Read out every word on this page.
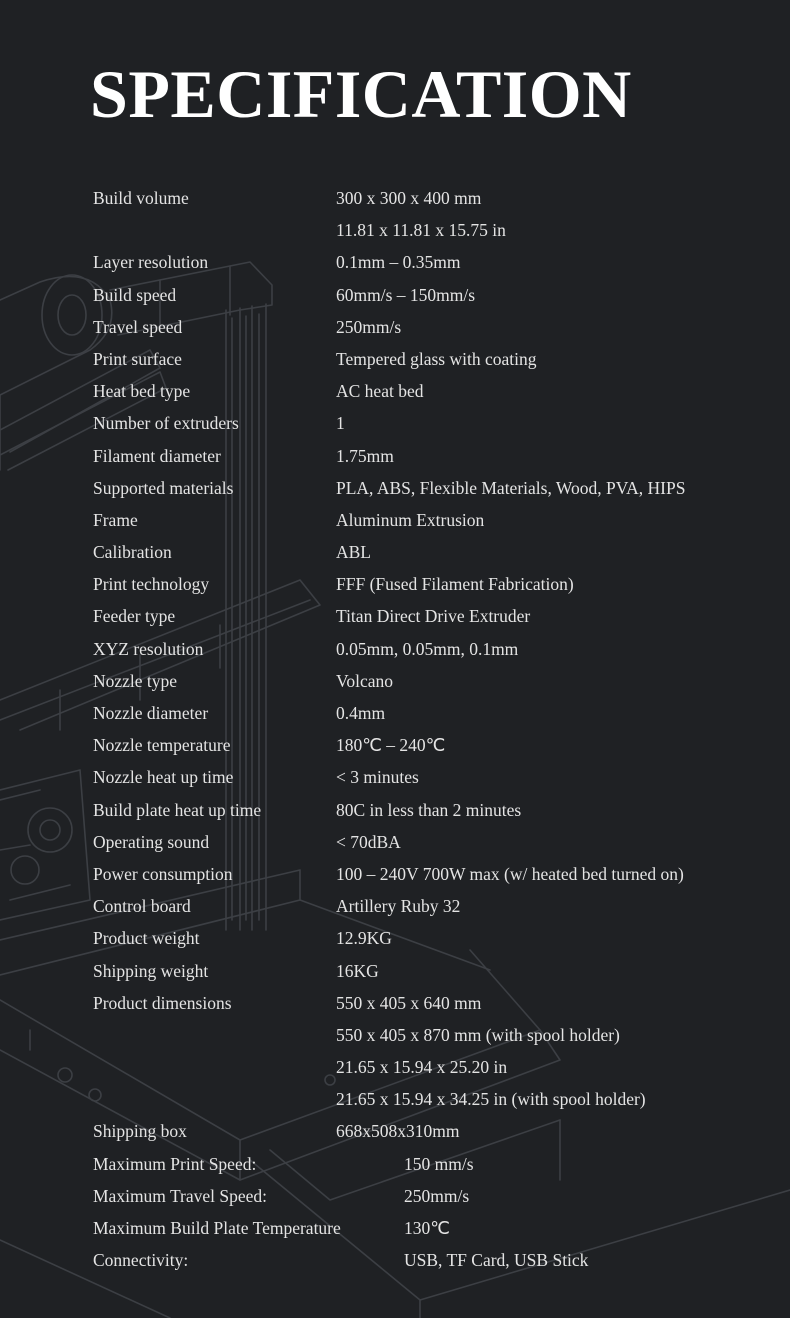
SPECIFICATION
Build volume	300 x 300 x 400 mm
11.81 x 11.81 x 15.75 in
Layer resolution	0.1mm – 0.35mm
Build speed	60mm/s – 150mm/s
Travel speed	250mm/s
Print surface	Tempered glass with coating
Heat bed type	AC heat bed
Number of extruders	1
Filament diameter	1.75mm
Supported materials	PLA, ABS, Flexible Materials, Wood, PVA, HIPS
Frame	Aluminum Extrusion
Calibration	ABL
Print technology	FFF (Fused Filament Fabrication)
Feeder type	Titan Direct Drive Extruder
XYZ resolution	0.05mm, 0.05mm, 0.1mm
Nozzle type	Volcano
Nozzle diameter	0.4mm
Nozzle temperature	180℃ – 240℃
Nozzle heat up time	< 3 minutes
Build plate heat up time	80C in less than 2 minutes
Operating sound	< 70dBA
Power consumption	100 – 240V 700W max (w/ heated bed turned on)
Control board	Artillery Ruby 32
Product weight	12.9KG
Shipping weight	16KG
Product dimensions	550 x 405 x 640 mm
550 x 405 x 870 mm (with spool holder)
21.65 x 15.94 x 25.20 in
21.65 x 15.94 x 34.25 in (with spool holder)
Shipping box	668x508x310mm
Maximum Print Speed:	150 mm/s
Maximum Travel Speed:	250mm/s
Maximum Build Plate Temperature	130℃
Connectivity:	USB, TF Card, USB Stick
